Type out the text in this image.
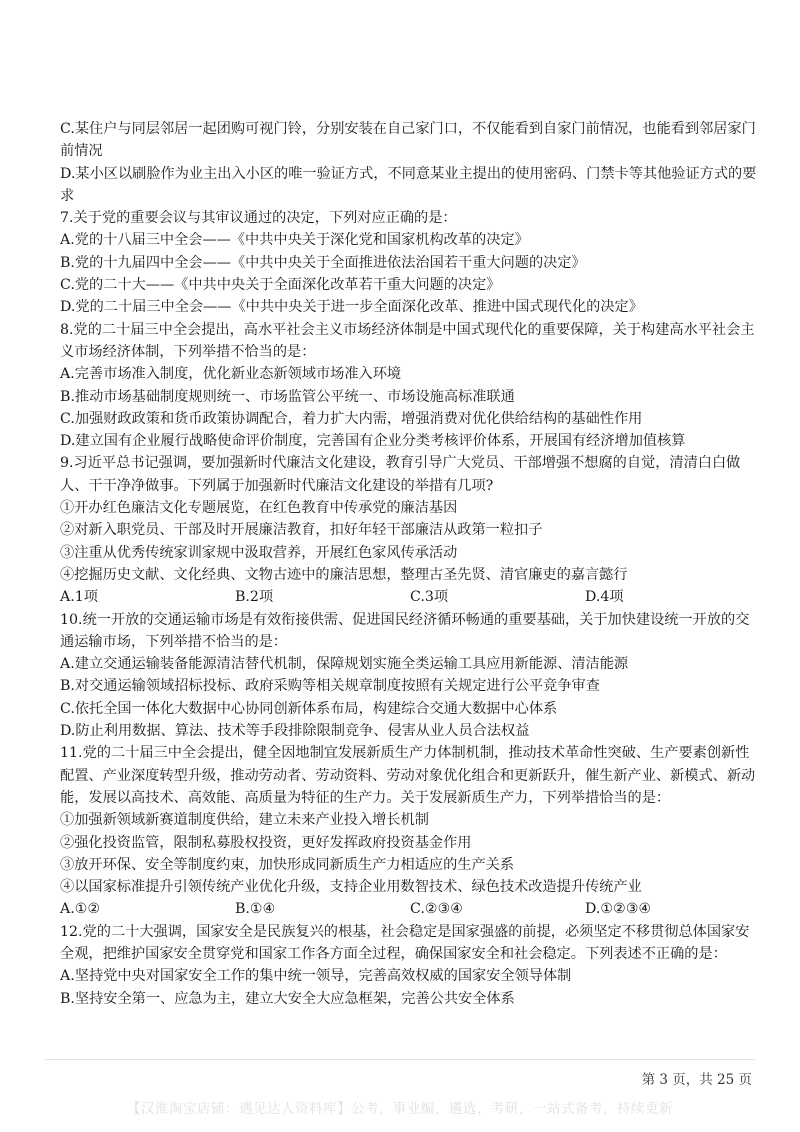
C.某住户与同层邻居一起团购可视门铃，分别安装在自己家门口，不仅能看到自家门前情况，也能看到邻居家门前情况
D.某小区以刷脸作为业主出入小区的唯一验证方式，不同意某业主提出的使用密码、门禁卡等其他验证方式的要求
7.关于党的重要会议与其审议通过的决定，下列对应正确的是：
A.党的十八届三中全会——《中共中央关于深化党和国家机构改革的决定》
B.党的十九届四中全会——《中共中央关于全面推进依法治国若干重大问题的决定》
C.党的二十大——《中共中央关于全面深化改革若干重大问题的决定》
D.党的二十届三中全会——《中共中央关于进一步全面深化改革、推进中国式现代化的决定》
8.党的二十届三中全会提出，高水平社会主义市场经济体制是中国式现代化的重要保障，关于构建高水平社会主义市场经济体制，下列举措不恰当的是：
A.完善市场准入制度，优化新业态新领域市场准入环境
B.推动市场基础制度规则统一、市场监管公平统一、市场设施高标准联通
C.加强财政政策和货币政策协调配合，着力扩大内需，增强消费对优化供给结构的基础性作用
D.建立国有企业履行战略使命评价制度，完善国有企业分类考核评价体系，开展国有经济增加值核算
9.习近平总书记强调，要加强新时代廉洁文化建设，教育引导广大党员、干部增强不想腐的自觉，清清白白做人、干干净净做事。下列属于加强新时代廉洁文化建设的举措有几项?
①开办红色廉洁文化专题展览，在红色教育中传承党的廉洁基因
②对新入职党员、干部及时开展廉洁教育，扣好年轻干部廉洁从政第一粒扣子
③注重从优秀传统家训家规中汲取营养，开展红色家风传承活动
④挖掘历史文献、文化经典、文物古迹中的廉洁思想，整理古圣先贤、清官廉吏的嘉言懿行
A.1项	B.2项	C.3项	D.4项
10.统一开放的交通运输市场是有效衔接供需、促进国民经济循环畅通的重要基础，关于加快建设统一开放的交通运输市场，下列举措不恰当的是：
A.建立交通运输装备能源清洁替代机制，保障规划实施全类运输工具应用新能源、清洁能源
B.对交通运输领域招标投标、政府采购等相关规章制度按照有关规定进行公平竞争审查
C.依托全国一体化大数据中心协同创新体系布局，构建综合交通大数据中心体系
D.防止利用数据、算法、技术等手段排除限制竞争、侵害从业人员合法权益
11.党的二十届三中全会提出，健全因地制宜发展新质生产力体制机制，推动技术革命性突破、生产要素创新性配置、产业深度转型升级，推动劳动者、劳动资料、劳动对象优化组合和更新跃升，催生新产业、新模式、新动能，发展以高技术、高效能、高质量为特征的生产力。关于发展新质生产力，下列举措恰当的是：
①加强新领域新赛道制度供给，建立未来产业投入增长机制
②强化投资监管，限制私募股权投资，更好发挥政府投资基金作用
③放开环保、安全等制度约束，加快形成同新质生产力相适应的生产关系
④以国家标准提升引领传统产业优化升级，支持企业用数智技术、绿色技术改造提升传统产业
A.①②	B.①④	C.②③④	D.①②③④
12.党的二十大强调，国家安全是民族复兴的根基，社会稳定是国家强盛的前提，必须坚定不移贯彻总体国家安全观，把维护国家安全贯穿党和国家工作各方面全过程，确保国家安全和社会稳定。下列表述不正确的是：
A.坚持党中央对国家安全工作的集中统一领导，完善高效权威的国家安全领导体制
B.坚持安全第一、应急为主，建立大安全大应急框架，完善公共安全体系
第 3 页，共 25 页
【汉淮淘宝店铺：遇见达人资料库】公考，事业编，遴选，考研，一站式备考，持续更新
